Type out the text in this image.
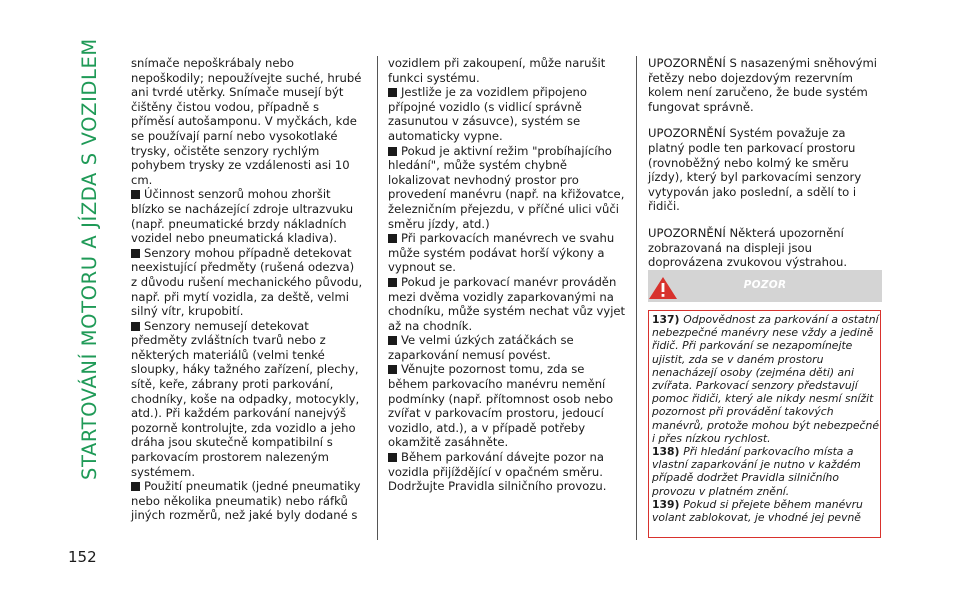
STARTOVÁNÍ MOTORU A JÍZDA S VOZIDLEM
152

snímače nepoškrábaly nebo nepoškodily; nepoužívejte suché, hrubé ani tvrdé utěrky. Snímače musejí být čištěny čistou vodou, případně s příměsí autošamponu. V myčkách, kde se používají parní nebo vysokotlaké trysky, očistěte senzory rychlým pohybem trysky ze vzdálenosti asi 10 cm.

Účinnost senzorů mohou zhoršit blízko se nacházející zdroje ultrazvuku (např. pneumatické brzdy nákladních vozidel nebo pneumatická kladiva).

Senzory mohou případně detekovat neexistující předměty (rušená odezva) z důvodu rušení mechanického původu, např. při mytí vozidla, za deště, velmi silný vítr, krupobití.

Senzory nemusejí detekovat předměty zvláštních tvarů nebo z některých materiálů (velmi tenké sloupky, háky tažného zařízení, plechy, sítě, keře, zábrany proti parkování, chodníky, koše na odpadky, motocykly, atd.). Při každém parkování nanejvýš pozorně kontrolujte, zda vozidlo a jeho dráha jsou skutečně kompatibilní s parkovacím prostorem nalezeným systémem.

Použití pneumatik (jedné pneumatiky nebo několika pneumatik) nebo ráfků jiných rozměrů, než jaké byly dodané s

vozidlem při zakoupení, může narušit funkci systému.

Jestliže je za vozidlem připojeno přípojné vozidlo (s vidlicí správně zasunutou v zásuvce), systém se automaticky vypne.

Pokud je aktivní režim "probíhajícího hledání", může systém chybně lokalizovat nevhodný prostor pro provedení manévru (např. na křižovatce, železničním přejezdu, v příčné ulici vůči směru jízdy, atd.)

Při parkovacích manévrech ve svahu může systém podávat horší výkony a vypnout se.

Pokud je parkovací manévr prováděn mezi dvěma vozidly zaparkovanými na chodníku, může systém nechat vůz vyjet až na chodník.

Ve velmi úzkých zatáčkách se zaparkování nemusí povést.

Věnujte pozornost tomu, zda se během parkovacího manévru nemění podmínky (např. přítomnost osob nebo zvířat v parkovacím prostoru, jedoucí vozidlo, atd.), a v případě potřeby okamžitě zasáhněte.

Během parkování dávejte pozor na vozidla přijíždějící v opačném směru. Dodržujte Pravidla silničního provozu.

UPOZORNĚNÍ S nasazenými sněhovými řetězy nebo dojezdovým rezervním kolem není zaručeno, že bude systém fungovat správně.

UPOZORNĚNÍ Systém považuje za platný podle ten parkovací prostoru (rovnoběžný nebo kolmý ke směru jízdy), který byl parkovacími senzory vytypován jako poslední, a sdělí to i řidiči.

UPOZORNĚNÍ Některá upozornění zobrazovaná na displeji jsou doprovázena zvukovou výstrahou.

POZOR

137) Odpovědnost za parkování a ostatní nebezpečné manévry nese vždy a jedině řidič. Při parkování se nezapomínejte ujistit, zda se v daném prostoru nenacházejí osoby (zejména děti) ani zvířata. Parkovací senzory představují pomoc řidiči, který ale nikdy nesmí snížit pozornost při provádění takových manévrů, protože mohou být nebezpečné i přes nízkou rychlost.

138) Při hledání parkovacího místa a vlastní zaparkování je nutno v každém případě dodržet Pravidla silničního provozu v platném znění.

139) Pokud si přejete během manévru volant zablokovat, je vhodné jej pevně
